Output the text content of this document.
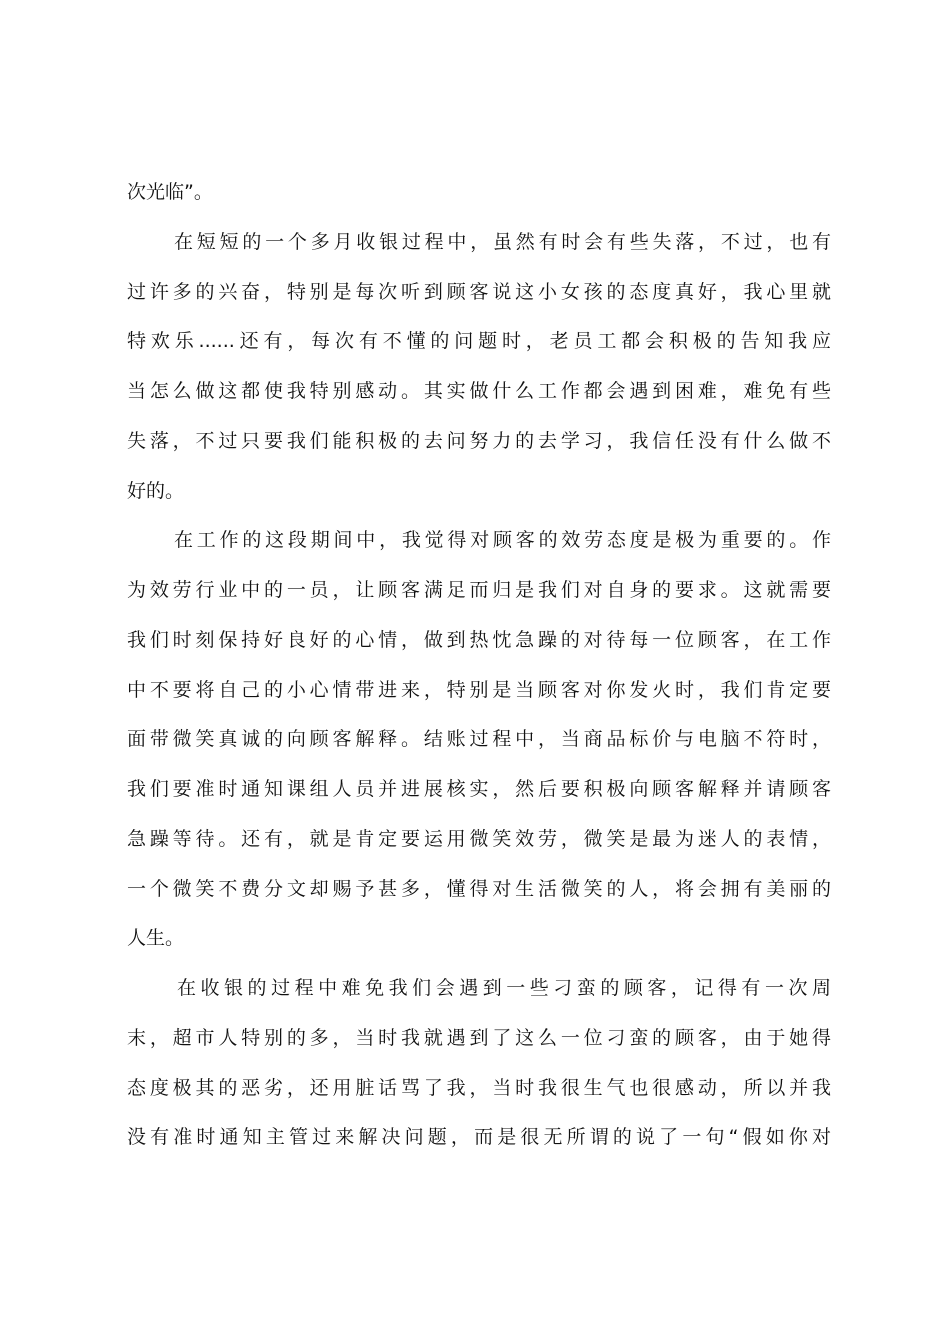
次光临”。
在短短的一个多月收银过程中，虽然有时会有些失落，不过，也有
过许多的兴奋，特别是每次听到顾客说这小女孩的态度真好，我心里就
特欢乐......还有，每次有不懂的问题时，老员工都会积极的告知我应
当怎么做这都使我特别感动。其实做什么工作都会遇到困难，难免有些
失落，不过只要我们能积极的去问努力的去学习，我信任没有什么做不
好的。
在工作的这段期间中，我觉得对顾客的效劳态度是极为重要的。作
为效劳行业中的一员，让顾客满足而归是我们对自身的要求。这就需要
我们时刻保持好良好的心情，做到热忱急躁的对待每一位顾客，在工作
中不要将自己的小心情带进来，特别是当顾客对你发火时，我们肯定要
面带微笑真诚的向顾客解释。结账过程中，当商品标价与电脑不符时，
我们要准时通知课组人员并进展核实，然后要积极向顾客解释并请顾客
急躁等待。还有，就是肯定要运用微笑效劳，微笑是最为迷人的表情，
一个微笑不费分文却赐予甚多，懂得对生活微笑的人，将会拥有美丽的
人生。
在收银的过程中难免我们会遇到一些刁蛮的顾客，记得有一次周
末，超市人特别的多，当时我就遇到了这么一位刁蛮的顾客，由于她得
态度极其的恶劣，还用脏话骂了我，当时我很生气也很感动，所以并我
没有准时通知主管过来解决问题，而是很无所谓的说了一句“假如你对
